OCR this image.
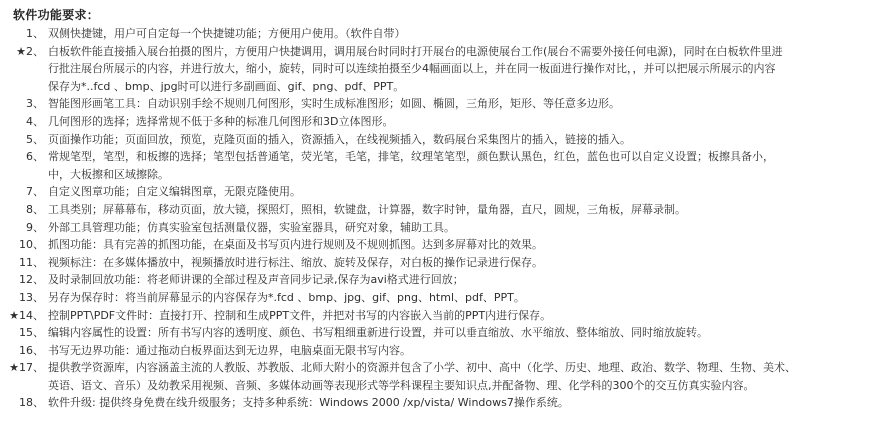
软件功能要求：
1、 双侧快捷键，用户可自定每一个快捷键功能；方便用户使用。（软件自带）
★2、 白板软件能直接插入展台拍摄的图片，方便用户快捷调用，调用展台时同时打开展台的电源使展台工作(展台不需要外接任何电源)，同时在白板软件里进
行批注展台所展示的内容，并进行放大，缩小，旋转，同时可以连续拍摄至少4幅画面以上，并在同一板面进行操作对比，，并可以把展示所展示的内容
保存为*..fcd 、bmp、jpg时可以进行多副画面、gif、png、pdf、PPT。
3、 智能图形画笔工具：自动识别手绘不规则几何图形，实时生成标准图形；如圆、椭圆，三角形，矩形、等任意多边形。
4、 几何图形的选择；选择常规不低于多种的标准几何图形和3D立体图形。
5、 页面操作功能；页面回放，预览，克隆页面的插入，资源插入，在线视频插入，数码展台采集图片的插入，链接的插入。
6、 常规笔型，笔型，和板擦的选择；笔型包括普通笔，荧光笔，毛笔，排笔，纹理笔笔型，颜色默认黑色，红色，蓝色也可以自定义设置；板擦具备小，
中，大板擦和区域擦除。
7、 自定义图章功能；自定义编辑图章，无限克隆使用。
8、 工具类别；屏幕幕布，移动页面，放大镜，探照灯，照相，软键盘，计算器，数字时钟，量角器，直尺，圆规，三角板，屏幕录制。
9、 外部工具管理功能；仿真实验室包括测量仪器，实验室器具，研究对象，辅助工具。
10、 抓图功能：具有完善的抓图功能，在桌面及书写页内进行规则及不规则抓图。达到多屏幕对比的效果。
11、 视频标注：在多媒体播放中，视频播放时进行标注、缩放、旋转及保存，对白板的操作记录进行保存。
12、 及时录制回放功能：将老师讲课的全部过程及声音同步记录,保存为avi格式进行回放；
13、 另存为保存时：将当前屏幕显示的内容保存为*.fcd 、bmp、jpg、gif、png、html、pdf、PPT。
★14、 控制PPT\PDF文件时：直接打开、控制和生成PPT文件，并把对书写的内容嵌入当前的PPT内进行保存。
15、 编辑内容属性的设置：所有书写内容的透明度、颜色、书写粗细重新进行设置，并可以垂直缩放、水平缩放、整体缩放、同时缩放旋转。
16、 书写无边界功能：通过拖动白板界面达到无边界，电脑桌面无限书写内容。
★17、 提供教学资源库，内容涵盖主流的人教版、苏教版、北师大附小的资源并包含了小学、初中、高中（化学、历史、地理、政治、数学、物理、生物、美术、
英语、语文、音乐）及幼教采用视频、音频、多媒体动画等表现形式等学科课程主要知识点,并配备物、理、化学科的300个的交互仿真实验内容。
18、 软件升级: 提供终身免费在线升级服务；支持多种系统：Windows 2000 /xp/vista/ Windows7操作系统。
